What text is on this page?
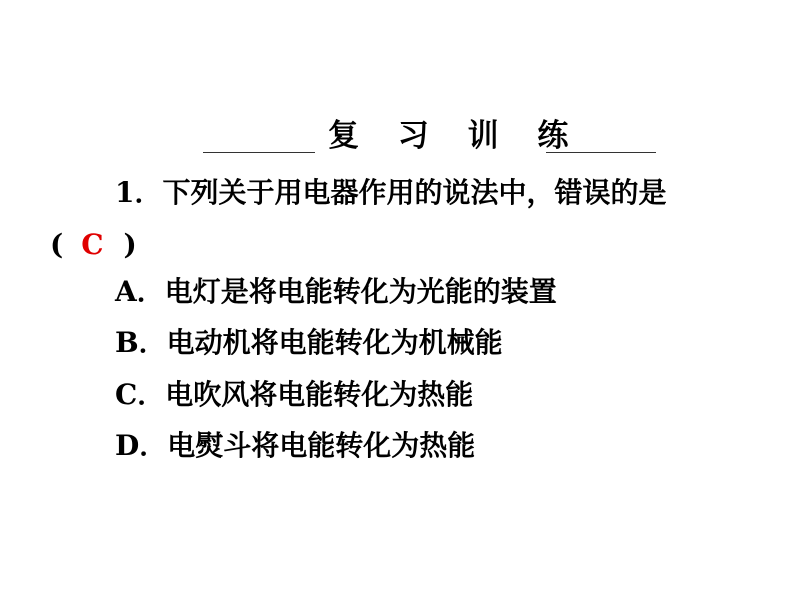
复 习 训 练
1．下列关于用电器作用的说法中，错误的是
( C )
A．电灯是将电能转化为光能的装置
B．电动机将电能转化为机械能
C．电吹风将电能转化为热能
D．电熨斗将电能转化为热能
